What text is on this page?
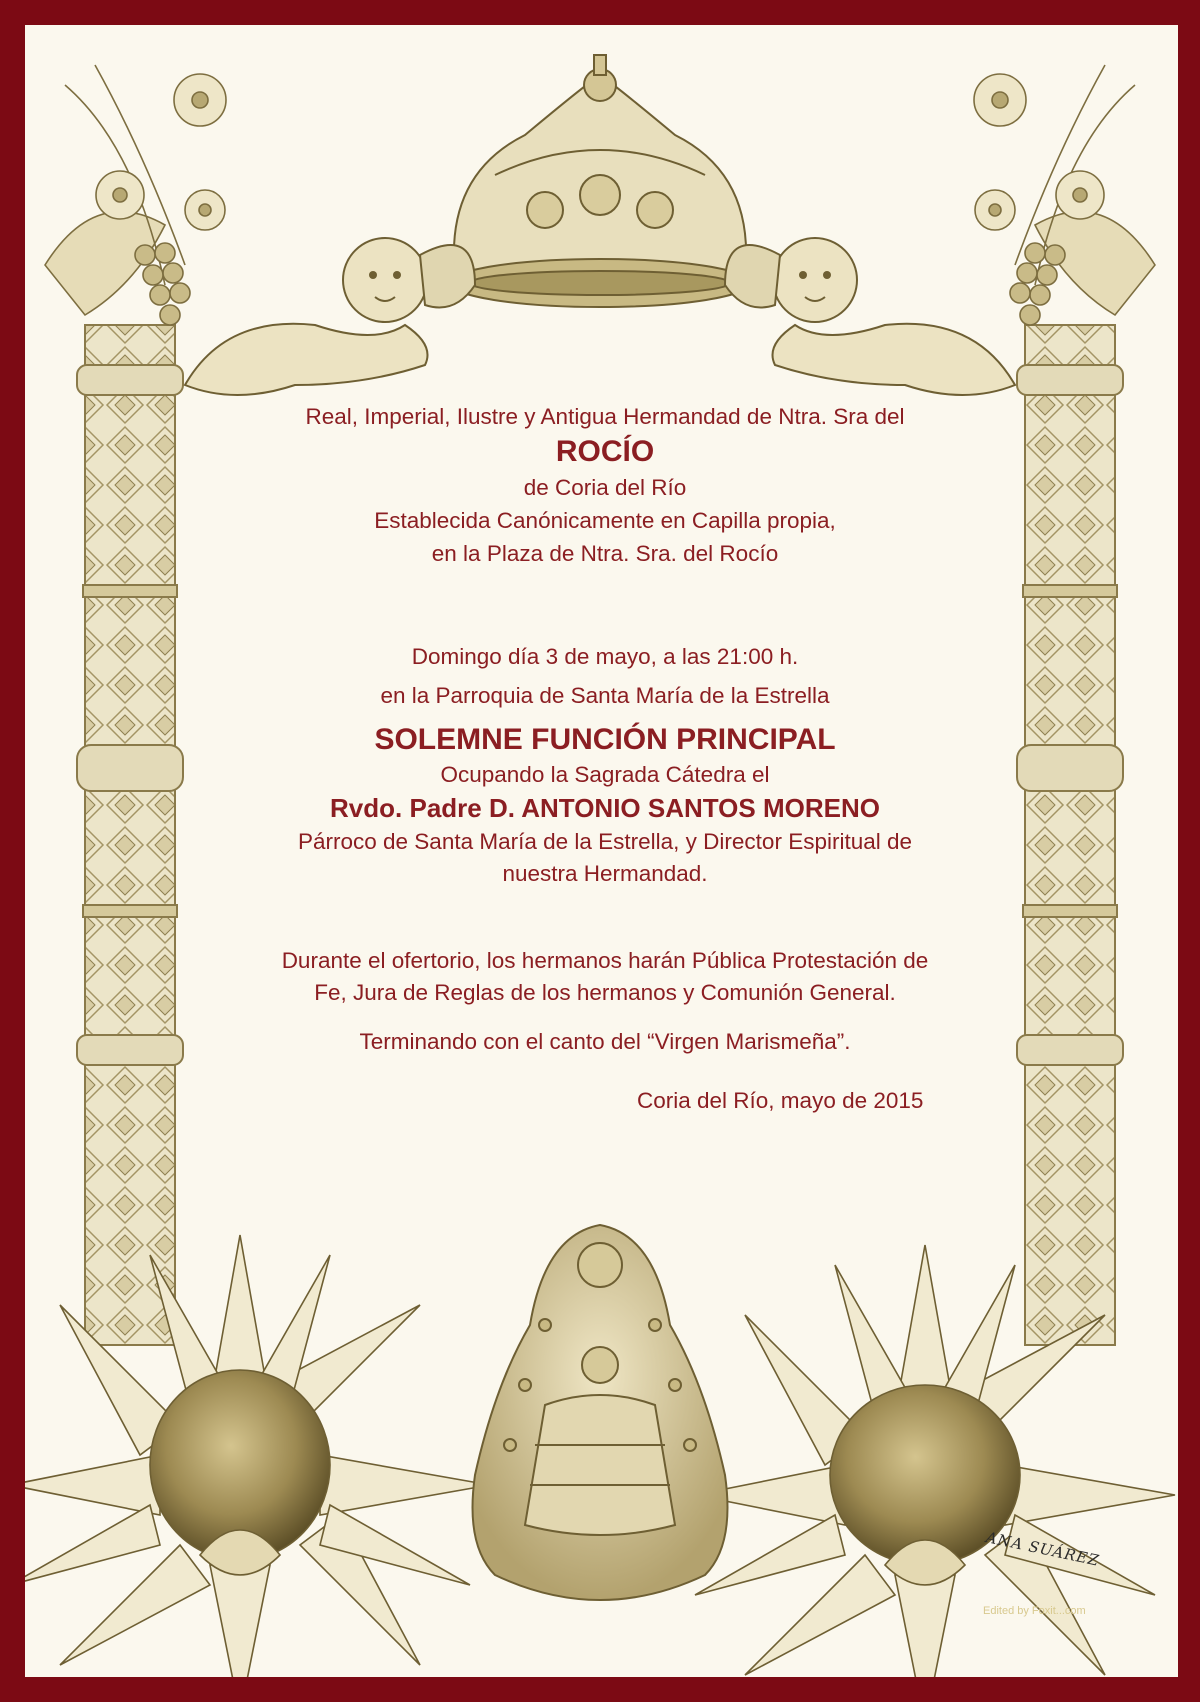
Real, Imperial, Ilustre y Antigua Hermandad de Ntra. Sra del
ROCÍO
de Coria del Río
Establecida Canónicamente en Capilla propia,
en la Plaza de Ntra. Sra. del Rocío
Domingo día 3 de mayo, a las 21:00 h.
en la Parroquia de Santa María de la Estrella
SOLEMNE FUNCIÓN PRINCIPAL
Ocupando la Sagrada Cátedra el
Rvdo. Padre D. ANTONIO SANTOS MORENO
Párroco de Santa María de la Estrella, y Director Espiritual de
nuestra Hermandad.
Durante el ofertorio, los hermanos harán Pública Protestación de
Fe, Jura de Reglas de los hermanos y Comunión General.
Terminando con el canto del “Virgen Marismeña”.
Coria del Río, mayo de 2015
ANA SUÁREZ
Edited by Foxit...com
